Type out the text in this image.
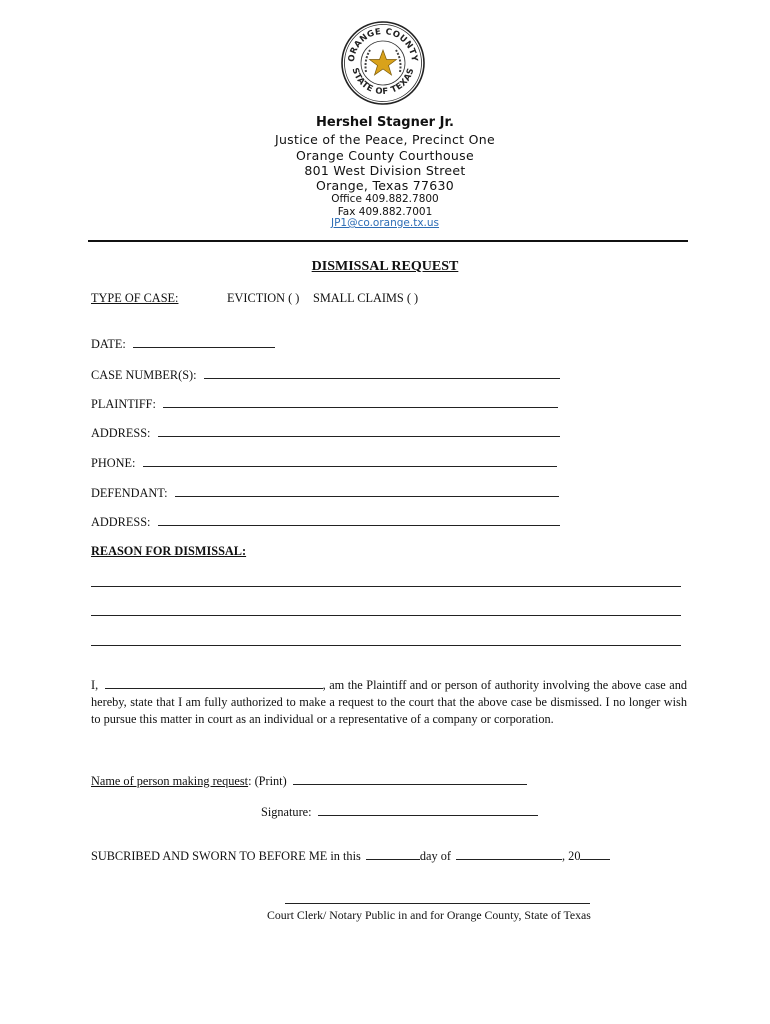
ORANGE COUNTY
STATE OF TEXAS
Hershel Stagner Jr.
Justice of the Peace, Precinct One
Orange County Courthouse
801 West Division Street
Orange, Texas 77630
Office 409.882.7800
Fax 409.882.7001
JP1@co.orange.tx.us
DISMISSAL REQUEST
TYPE OF CASE:	EVICTION ( ) SMALL CLAIMS ( )
DATE:
CASE NUMBER(S):
PLAINTIFF:
ADDRESS:
PHONE:
DEFENDANT:
ADDRESS:
REASON FOR DISMISSAL:
I,	, am the Plaintiff and or person of authority involving the above case and hereby, state that I am fully authorized to make a request to the court that the above case be dismissed. I no longer wish to pursue this matter in court as an individual or a representative of a company or corporation.
Name of person making request: (Print)
Signature:
SUBCRIBED AND SWORN TO BEFORE ME in this	day of	, 20
Court Clerk/ Notary Public in and for Orange County, State of Texas
